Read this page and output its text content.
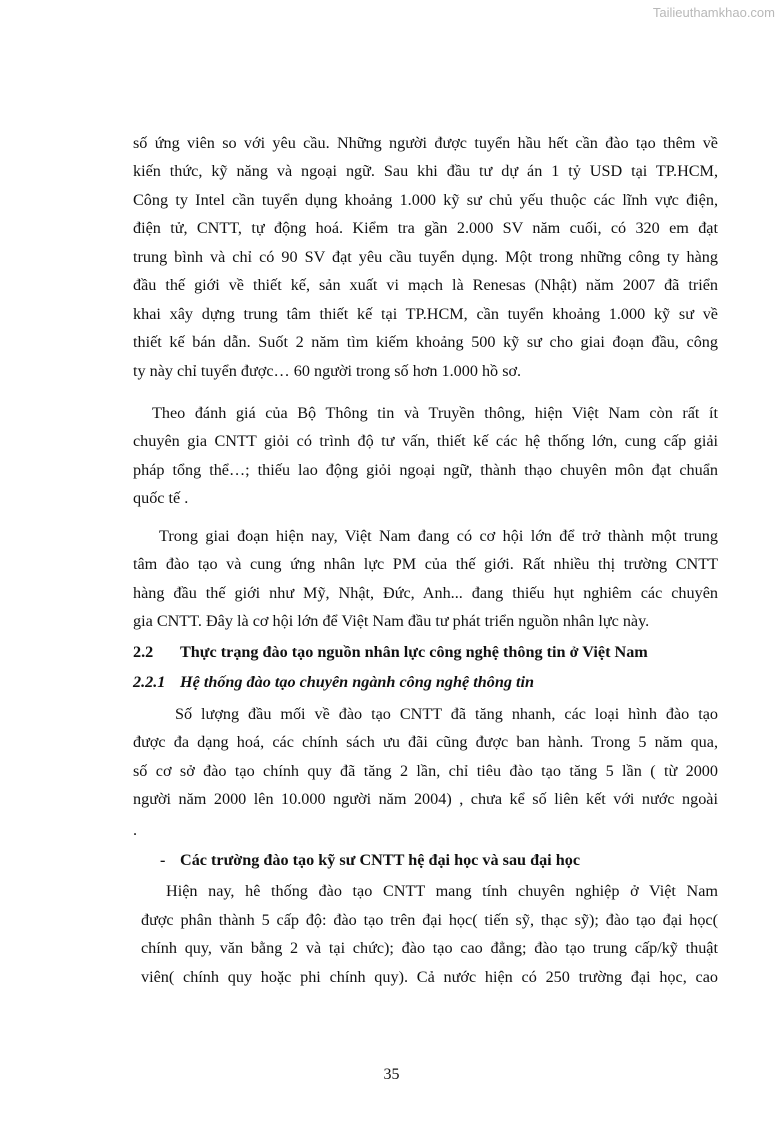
Tailieuthamkhao.com
số ứng viên so với yêu cầu. Những người được tuyển hầu hết cần đào tạo thêm về
kiến thức, kỹ năng và ngoại ngữ. Sau khi đầu tư dự án 1 tỷ USD tại TP.HCM,
Công ty Intel cần tuyển dụng khoảng 1.000 kỹ sư chủ yếu thuộc các lĩnh vực điện,
điện tử, CNTT, tự động hoá. Kiểm tra gần 2.000 SV năm cuối, có 320 em đạt
trung bình và chỉ có 90 SV đạt yêu cầu tuyển dụng. Một trong những công ty hàng
đầu thế giới về thiết kế, sản xuất vi mạch là Renesas (Nhật) năm 2007 đã triển
khai xây dựng trung tâm thiết kế tại TP.HCM, cần tuyển khoảng 1.000 kỹ sư về
thiết kế bán dẫn. Suốt 2 năm tìm kiếm khoảng 500 kỹ sư cho giai đoạn đầu, công
ty này chỉ tuyển được… 60 người trong số hơn 1.000 hồ sơ.
Theo đánh giá của Bộ Thông tin và Truyền thông, hiện Việt Nam còn rất ít
chuyên gia CNTT giỏi có trình độ tư vấn, thiết kế các hệ thống lớn, cung cấp giải
pháp tổng thể…; thiếu lao động giỏi ngoại ngữ, thành thạo chuyên môn đạt chuẩn
quốc tế .
Trong giai đoạn hiện nay, Việt Nam đang có cơ hội lớn để trở thành một trung
tâm đào tạo và cung ứng nhân lực PM của thế giới. Rất nhiều thị trường CNTT
hàng đầu thế giới như Mỹ, Nhật, Đức, Anh... đang thiếu hụt nghiêm các chuyên
gia CNTT. Đây là cơ hội lớn để Việt Nam đầu tư phát triển nguồn nhân lực này.
2.2 Thực trạng đào tạo nguồn nhân lực công nghệ thông tin ở Việt Nam
2.2.1 Hệ thống đào tạo chuyên ngành công nghệ thông tin
Số lượng đầu mối về đào tạo CNTT đã tăng nhanh, các loại hình đào tạo
được đa dạng hoá, các chính sách ưu đãi cũng được ban hành. Trong 5 năm qua,
số cơ sở đào tạo chính quy đã tăng 2 lần, chỉ tiêu đào tạo tăng 5 lần ( từ 2000
người năm 2000 lên 10.000 người năm 2004) , chưa kể số liên kết với nước ngoài
.
- Các trường đào tạo kỹ sư CNTT hệ đại học và sau đại học
Hiện nay, hê thống đào tạo CNTT mang tính chuyên nghiệp ở Việt Nam
được phân thành 5 cấp độ: đào tạo trên đại học( tiến sỹ, thạc sỹ); đào tạo đại học(
chính quy, văn bằng 2 và tại chức); đào tạo cao đẳng; đào tạo trung cấp/kỹ thuật
viên( chính quy hoặc phi chính quy). Cả nước hiện có 250 trường đại học, cao
35
